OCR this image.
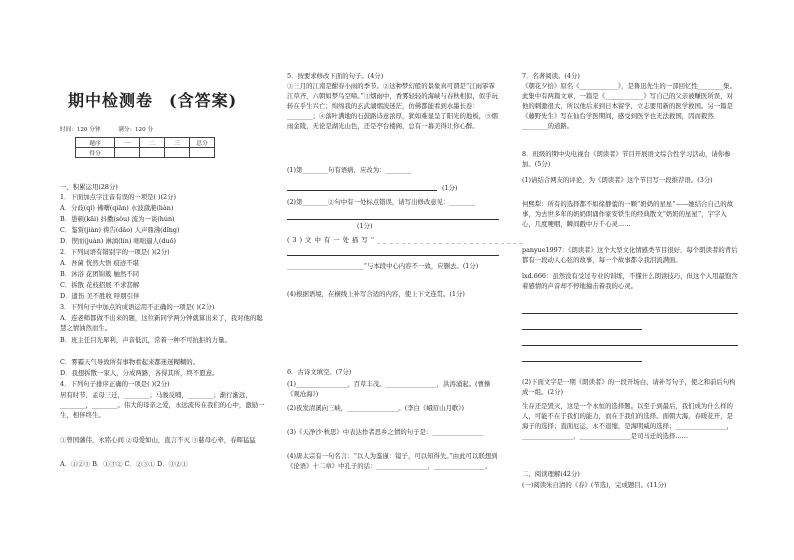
期中检测卷 (含答案)
时间：120 分钟	满分：120 分
题序	一	二	三	总分
得分				
一、积累运用(28分)
1．下面加点字注音有误的一项是( )(2分)
A．分歧(qí) 佛曙(qiān) 水波潋滟(liàn)
B．愚顿(kāi) 抖擞(sǒu) 流为一谈(hún)
C．鉴赏(jiàn) 祷告(dǎo) 人声鼎沸(dǐng)
D．锲而(juàn) 淋漓(lín) 咄咄逼人(duō)
2．下列词语有错别字的一项是( )(2分)
A．吾菌 恍然大悟 痕迹不堪
B．沐浴 花团锦簇 触然不同
C．拆散 花枝招展 不求甚解
D．遗伤 美不胜收 呼朋引伴
3．下列句子中加点的成语运用不正确的一项是( )(2分)
A．连老师都做不出来的题，这位新同学两分钟就算出来了，我对他的聪慧之情油然而生。
B．班主任目光犀利，声音低沉，常着一种不可抗拒的力量。
C．雾霾天气导致所有事物看起来都迷迷糊糊的。
D．我想拆散一家人，分成两路，各得其所，终不愿意。
4．下列句子排序正确的一项是( )(2分)
居有时节，孟母三迁，________；马骏反哺，________；渐行渐远，________，________。伟大的母亲之爱，永远流传在我们的心中，激励一生，相伴终生。
①曾国藩伟，永铭心间 ②母爱如山，直言不灭 ③慈母心牵，春晖猛猛
A．①②③ B．①③② C．②③① D．③②①
5．按要求修改下面的句子。(4分)
①三月的江南是酣春小雨的季节。②这种梦幻般的景象真可谓是“江雨霏霏江草齐，六朝如梦鸟空啼。”③烟雨中，香雾轻轻的海峡与春秋相似，似乎玩转在乎生兴亡；绵绵我的玄武湖烟波迷茫，仿佛都能看到水墨长卷：________；④落叶满地的石鼓路诗意浓厚，犹如难显呈了阳光的地板，⑤烟雨金陵，无论是湖光山色，还是亭台楼阁，总有一幕美得让你心醉。
(1)第________句有语病，应改为：________
(1分)
(2)第________②句中有一处标点错误，请写出修改意见：________
(1分)
(3)文中有一处描写“________________________
________________________”与本段中心内容不一致，应删去。(1分)
(4)根据语境，在横线上补写合适的内容，使上下文连贯。(1分)
6．古诗文填空。(7分)
(1)________________，百草丰茂。________________，洪涛涌起。(曹操《观沧海》)
(2)夜发清溪向三峡，________________。(李白《峨眉山月歌》)
(3)《天净沙·秋思》中表达作者思乡之情的句子是：________________
(4)唐太宗有一句名言：“以人为鉴谨：镜子，可以知得失。”由此可以联想到《论语》十二章》中孔子的话：________________，________________。
7．名著阅读。(4分)
《朝花夕拾》原名《____________》，是鲁迅先生的一部回忆性________集。此集中有两篇文章，一篇是《____________》写自己的父亲被赚医所误，对他的刺激很大，所以他后来到日本留学，立志要用新的医学救国。另一篇是《藤野先生》写在仙台学医期间，感受到医学也无法救国，因而毅然________的道路。
8．班级的期中央电视台《朗读者》节目开展语文综合性学习活动，请你参加。(5分)
(1)请结合网友的评论，为《朗读者》这个节目写一段推荐语。(3分)
何熙犁：所有的选择都不如徐静蕾的一颗“奶奶的星星”——她结合自己的故事，为去世多年的奶奶朗诵作家安铁生的经典散文“奶奶的星星”，宇字入心，几度哽咽，瞬间戳中万千心灵……
panyue1997：《朗读者》这个大型文化情感类节目很好，每个朗读者的背后都有一段动人心弦的故事，每一个故事都令我泪流满面。
lxd.666：虽然没有受过专业的训练，不懂什么朗读技巧，但这个人用最饱含着感情的声音却不停地撞击着我的心灵。
(2)下面文字是一期《朗读者》的一段开场白，请补写句子，使之和前后句构成一组。(2分)
生存还是毁灭，这是一个永恒的选择题。以至于到最后，我们成为什么样的人，可能不在于我们的能力，而在于我们的选择。面朝大海，春暖花开，是海子的选择；直面厄运，永不退缩，是海明威的选择；________________，________________，________________是司马迁的选择……
二、阅读理解(42分)
(一)阅读朱自清的《春》(节选)，完成题目。(11分)
